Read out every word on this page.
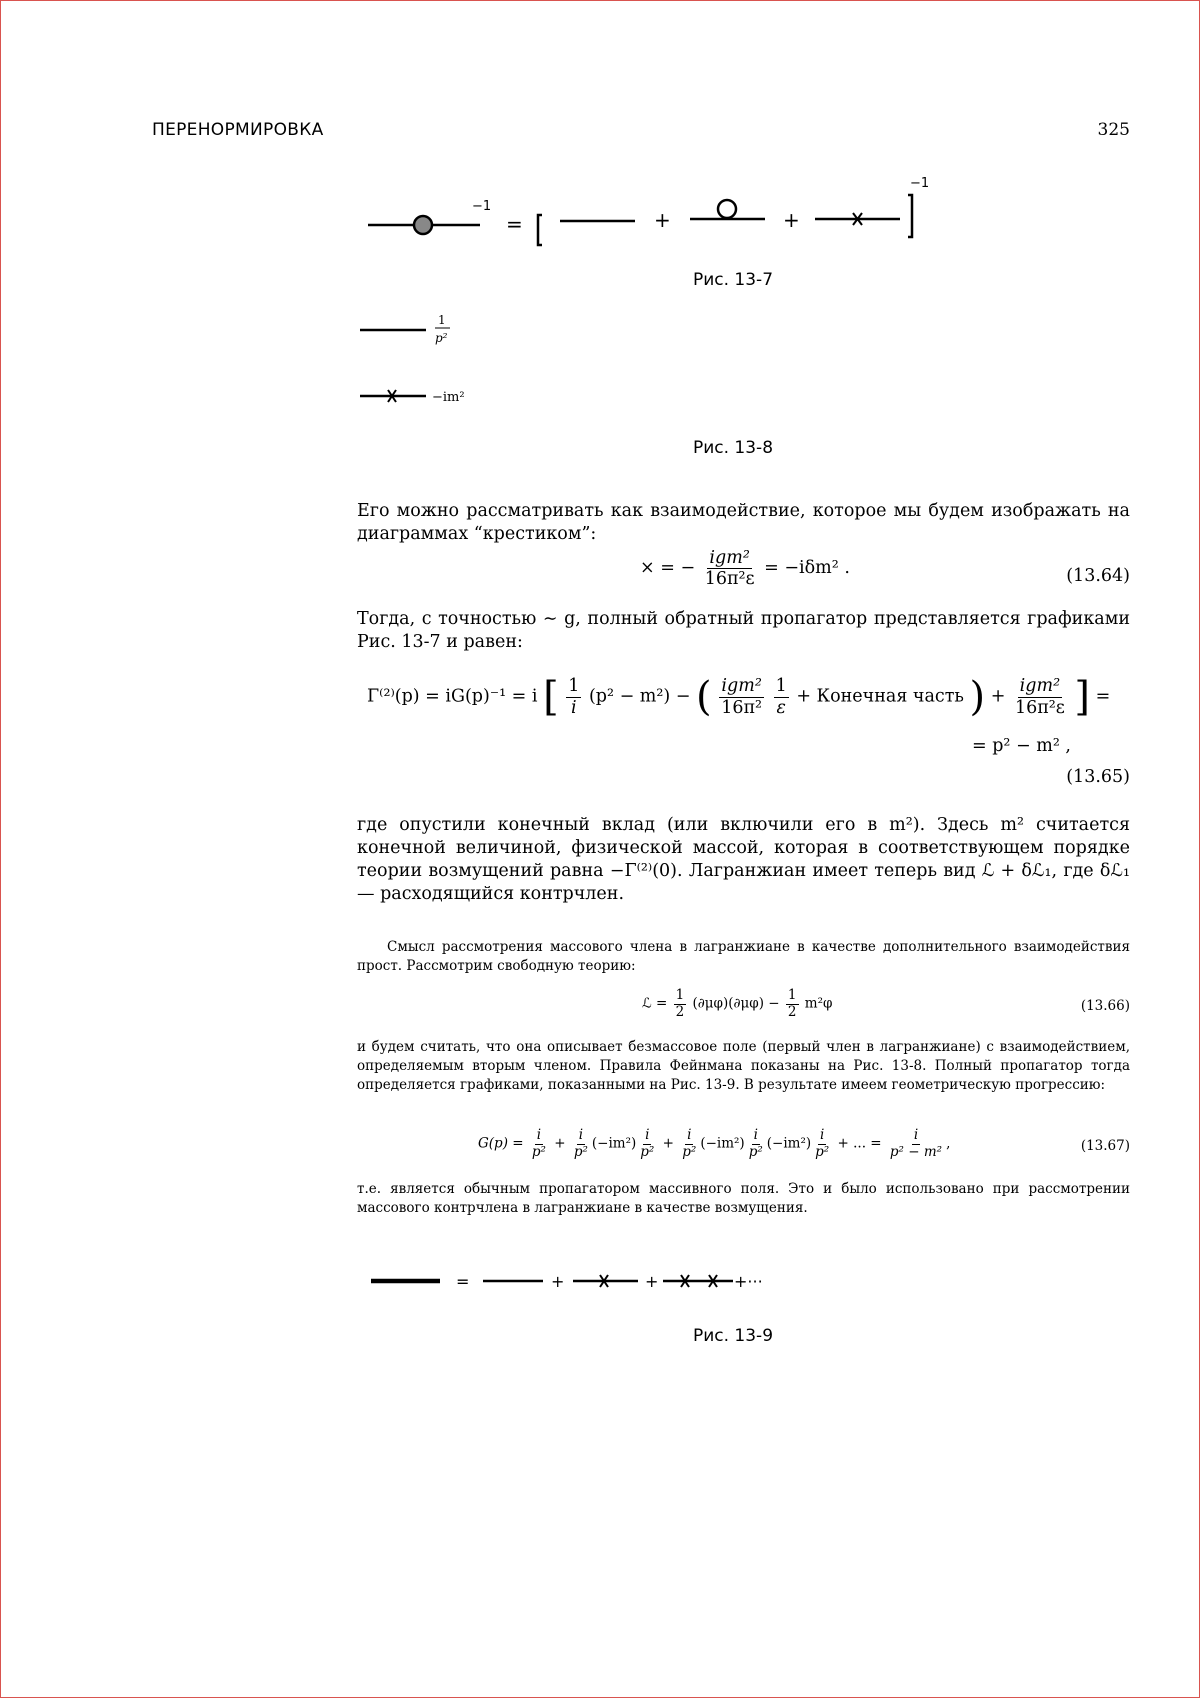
ПЕРЕНОРМИРОВКА	325
−1
=	+	+
−1
Рис. 13-7
1
p²
−im²
Рис. 13-8
Его можно рассматривать как взаимодействие, которое мы будем изображать на диаграммах “крестиком”:
× = − $\frac{\text{igm²}}{\text{16π²ε}} = -i\delta m^2$ .	(13.64)
Тогда, с точностью ∼ g, полный обратный пропагатор представляется графиками Рис. 13-7 и равен:
Γ⁽²⁾(p) = iG(p)⁻¹ = i [ $\frac{1}{i} (p^2 - m^2)$ − ( $\frac{\text{igm²}}{\text{16π²}}$
$\frac{1}{\varepsilon}$ + Конечная часть ) + $\frac{\text{igm²}}{\text{16π²ε}}$ ] =
= p² − m² ,
(13.65)
где опустили конечный вклад (или включили его в m²). Здесь m² считается конечной величиной, физической массой, которая в соответствующем порядке теории возмущений равна −Γ⁽²⁾(0). Лагранжиан имеет теперь вид ℒ + δℒ₁, где δℒ₁ — расходящийся контрчлен.
Смысл рассмотрения массового члена в лагранжиане в качестве дополнительного взаимодействия прост. Рассмотрим свободную теорию:
ℒ = $\frac{1}{2} (\partial\mu\varphi)(\partial\mu\varphi) - \frac{1}{2} m^2\varphi$	(13.66)
и будем считать, что она описывает безмассовое поле (первый член в лагранжиане) с взаимодействием, определяемым вторым членом. Правила Фейнмана показаны на Рис. 13-8. Полный пропагатор тогда определяется графиками, показанными на Рис. 13-9. В результате имеем геометрическую прогрессию:
$G(p) = \frac{i}{\text{p²}} + \frac{i}{\text{p²}} (-im^2) \frac{i}{\text{p²}} + \frac{i}{\text{p²}} (-im^2) \frac{i}{\text{p²}} (-im^2) \frac{i}{\text{p²}}$ + ... = $\frac{i}{\text{p² − m²}}$ ,	(13.67)
т.е. является обычным пропагатором массивного поля. Это и было использовано при рассмотрении массового контрчлена в лагранжиане в качестве возмущения.
=	+	+	+···
Рис. 13-9
